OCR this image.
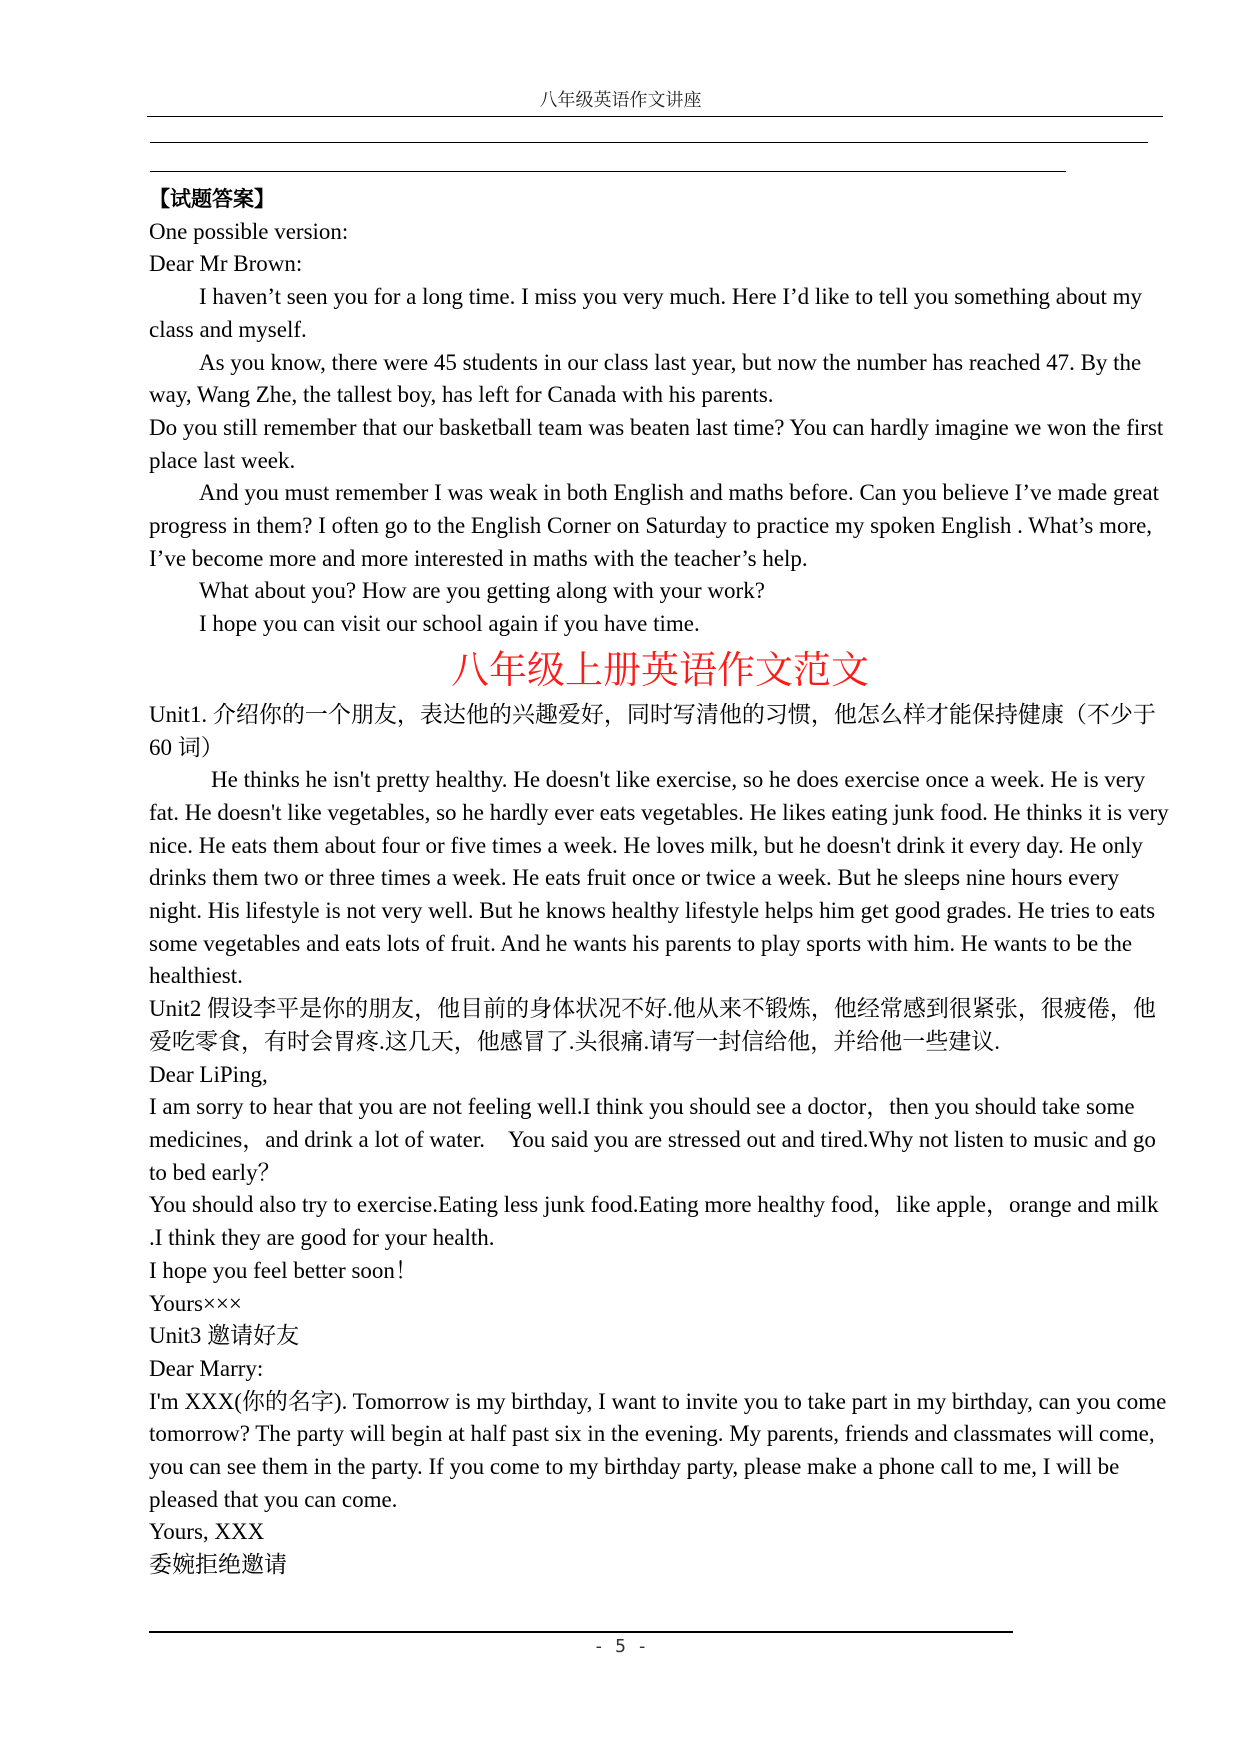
八年级英语作文讲座

【试题答案】

One possible version:

Dear Mr Brown:

I haven’t seen you for a long time. I miss you very much. Here I’d like to tell you something about my class and myself.

As you know, there were 45 students in our class last year, but now the number has reached 47. By the way, Wang Zhe, the tallest boy, has left for Canada with his parents.

Do you still remember that our basketball team was beaten last time? You can hardly imagine we won the first place last week.

And you must remember I was weak in both English and maths before. Can you believe I’ve made great progress in them? I often go to the English Corner on Saturday to practice my spoken English . What’s more, I’ve become more and more interested in maths with the teacher’s help.

What about you? How are you getting along with your work?

I hope you can visit our school again if you have time.

八年级上册英语作文范文

Unit1. 介绍你的一个朋友，表达他的兴趣爱好，同时写清他的习惯，他怎么样才能保持健康（不少于 60 词）

He thinks he isn't pretty healthy. He doesn't like exercise, so he does exercise once a week. He is very fat. He doesn't like vegetables, so he hardly ever eats vegetables. He likes eating junk food. He thinks it is very nice. He eats them about four or five times a week. He loves milk, but he doesn't drink it every day. He only drinks them two or three times a week. He eats fruit once or twice a week. But he sleeps nine hours every night. His lifestyle is not very well. But he knows healthy lifestyle helps him get good grades. He tries to eats some vegetables and eats lots of fruit. And he wants his parents to play sports with him. He wants to be the healthiest.

Unit2 假设李平是你的朋友，他目前的身体状况不好.他从来不锻炼，他经常感到很紧张，很疲倦，他爱吃零食，有时会胃疼.这几天，他感冒了.头很痛.请写一封信给他，并给他一些建议.

Dear LiPing,

I am sorry to hear that you are not feeling well.I think you should see a doctor，then you should take some medicines，and drink a lot of water.    You said you are stressed out and tired.Why not listen to music and go to bed early？

You should also try to exercise.Eating less junk food.Eating more healthy food，like apple，orange and milk .I think they are good for your health.

I hope you feel better soon！

Yours×××

Unit3 邀请好友

Dear Marry:

I'm XXX(你的名字). Tomorrow is my birthday, I want to invite you to take part in my birthday, can you come tomorrow? The party will begin at half past six in the evening. My parents, friends and classmates will come, you can see them in the party. If you come to my birthday party, please make a phone call to me, I will be pleased that you can come.

Yours, XXX

委婉拒绝邀请

- 5 -
